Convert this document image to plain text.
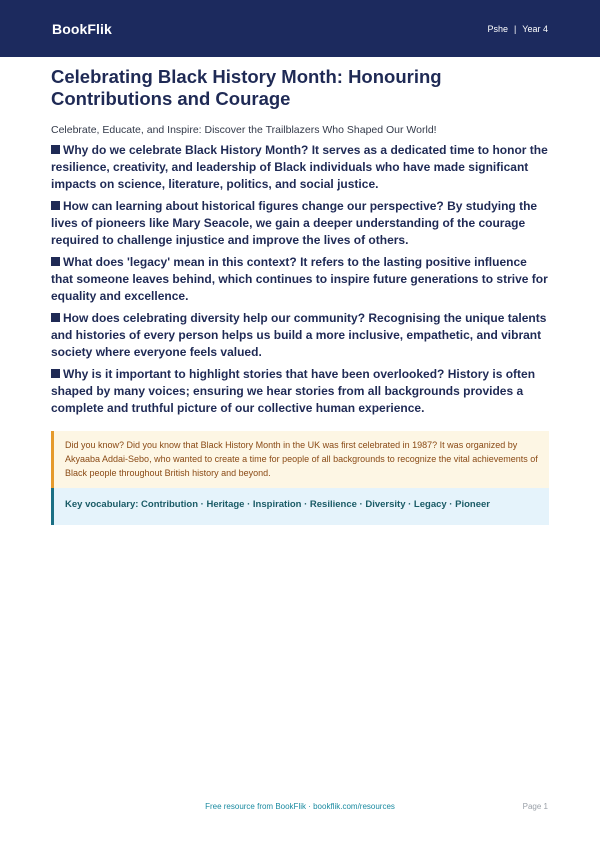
BookFlik	Pshe | Year 4
Celebrating Black History Month: Honouring Contributions and Courage
Celebrate, Educate, and Inspire: Discover the Trailblazers Who Shaped Our World!
Why do we celebrate Black History Month? It serves as a dedicated time to honor the resilience, creativity, and leadership of Black individuals who have made significant impacts on science, literature, politics, and social justice.
How can learning about historical figures change our perspective? By studying the lives of pioneers like Mary Seacole, we gain a deeper understanding of the courage required to challenge injustice and improve the lives of others.
What does 'legacy' mean in this context? It refers to the lasting positive influence that someone leaves behind, which continues to inspire future generations to strive for equality and excellence.
How does celebrating diversity help our community? Recognising the unique talents and histories of every person helps us build a more inclusive, empathetic, and vibrant society where everyone feels valued.
Why is it important to highlight stories that have been overlooked? History is often shaped by many voices; ensuring we hear stories from all backgrounds provides a complete and truthful picture of our collective human experience.
Did you know? Did you know that Black History Month in the UK was first celebrated in 1987? It was organized by Akyaaba Addai-Sebo, who wanted to create a time for people of all backgrounds to recognize the vital achievements of Black people throughout British history and beyond.
Key vocabulary: Contribution · Heritage · Inspiration · Resilience · Diversity · Legacy · Pioneer
Free resource from BookFlik · bookflik.com/resources	Page 1
